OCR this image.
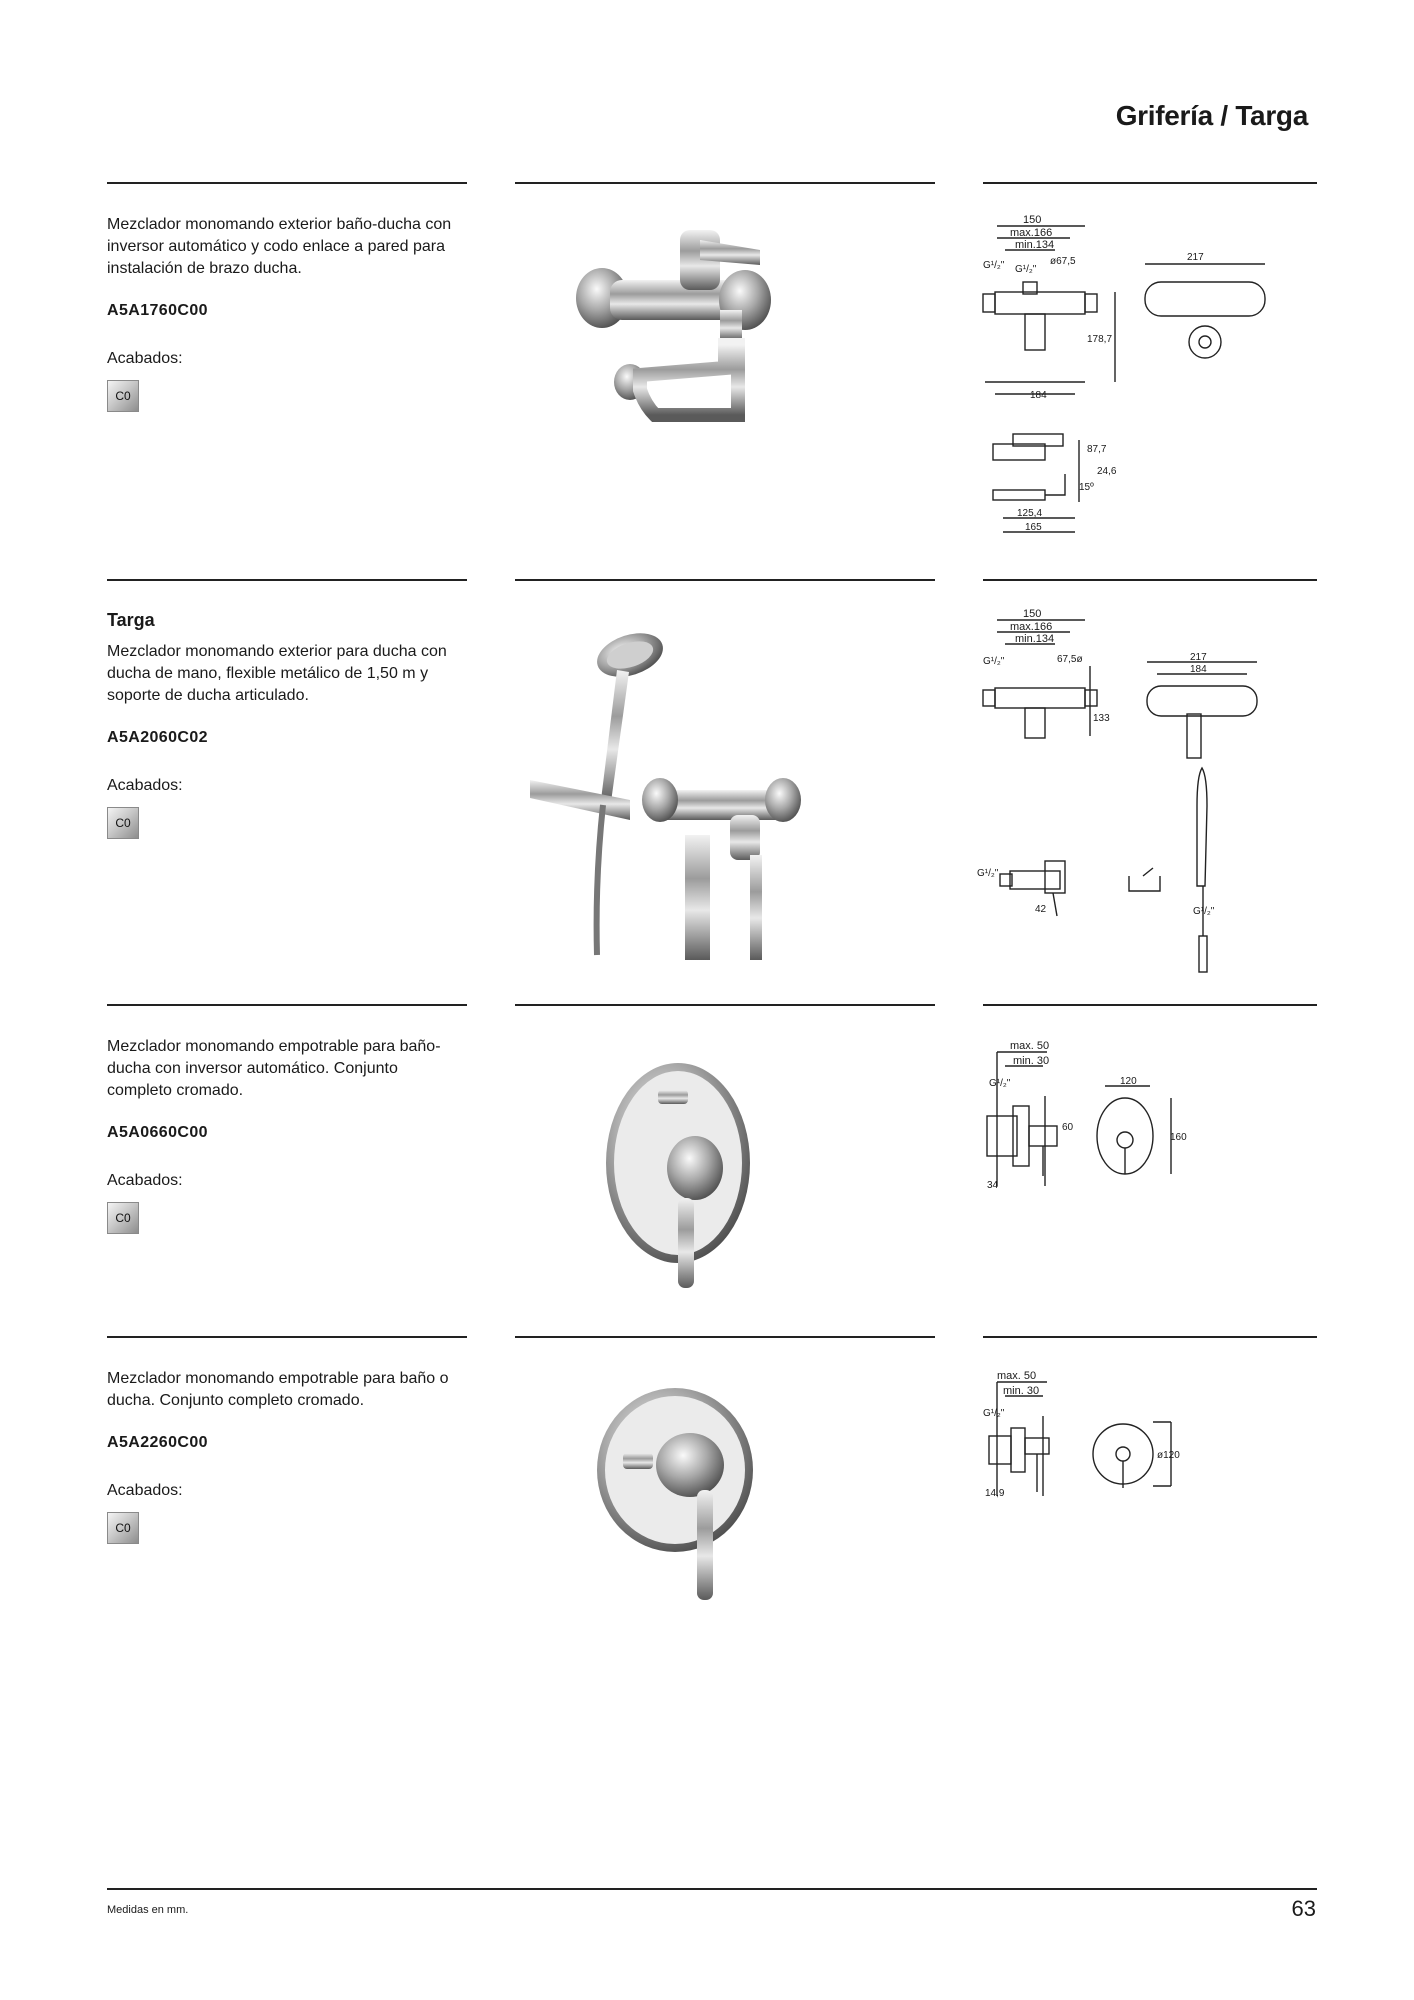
Grifería / Targa

Mezclador monomando exterior baño-ducha con inversor automático y codo enlace a pared para instalación de brazo ducha.

A5A1760C00
Acabados:
C0
150
max.166
min.134
G¹/₂" G¹/₂"
ø67,5	217
178,7
184
87,7
24,6
15º
125,4
165

Targa

Mezclador monomando exterior para ducha con ducha de mano, flexible metálico de 1,50 m y soporte de ducha articulado.

A5A2060C02
Acabados:
C0
150
max.166
min.134
G¹/₂"	67,5ø	217
184
133
G¹/₂"
42	G¹/₂"

Mezclador monomando empotrable para baño-ducha con inversor automático. Conjunto completo cromado.

A5A0660C00
Acabados:
C0
max. 50
min. 30
G¹/₂"
60
34
120
160

Mezclador monomando empotrable para baño o ducha. Conjunto completo cromado.

A5A2260C00
Acabados:
C0
max. 50
min. 30
G¹/₂"
14,9
ø120
Medidas en mm.	63
